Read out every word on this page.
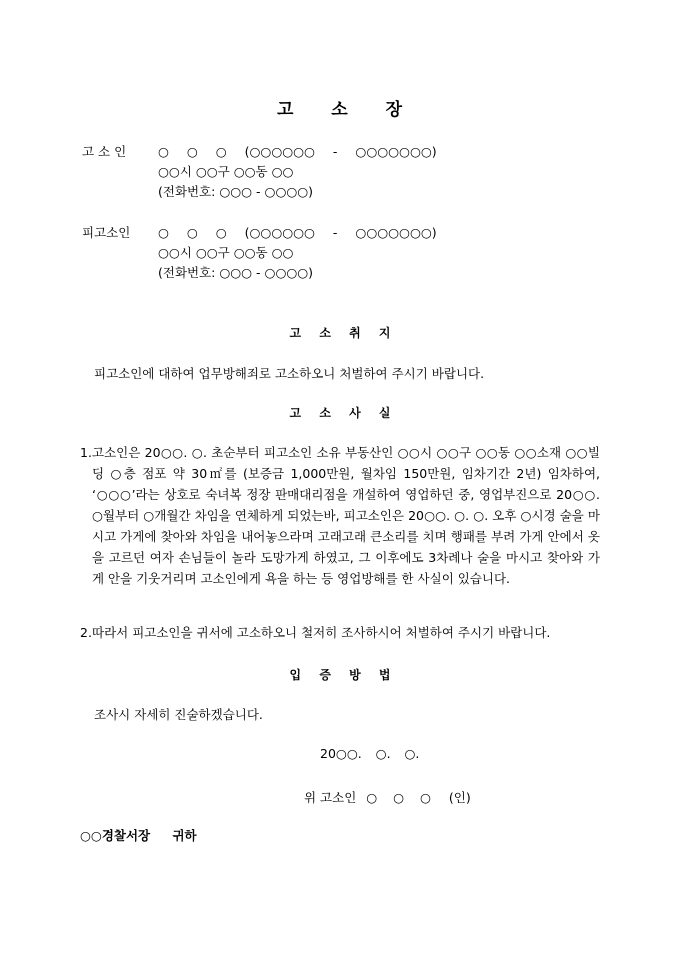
고 소 장
고 소 인	○ ○ ○ (○○○○○○ - ○○○○○○○)
○○시 ○○구 ○○동 ○○
(전화번호: ○○○ - ○○○○)
피고소인	○ ○ ○ (○○○○○○ - ○○○○○○○)
○○시 ○○구 ○○동 ○○
(전화번호: ○○○ - ○○○○)
고 소 취 지
피고소인에 대하여 업무방해죄로 고소하오니 처벌하여 주시기 바랍니다.
고 소 사 실
1. 고소인은 20○○. ○. 초순부터 피고소인 소유 부동산인 ○○시 ○○구 ○○동 ○○소재 ○○빌딩 ○층 점포 약 30㎡를 (보증금 1,000만원, 월차임 150만원, 임차기간 2년) 임차하여, ‘○○○’라는 상호로 숙녀복 정장 판매대리점을 개설하여 영업하던 중, 영업부진으로 20○○. ○월부터 ○개월간 차임을 연체하게 되었는바, 피고소인은 20○○. ○. ○. 오후 ○시경 술을 마시고 가게에 찾아와 차임을 내어놓으라며 고래고래 큰소리를 치며 행패를 부려 가게 안에서 옷을 고르던 여자 손님들이 놀라 도망가게 하였고, 그 이후에도 3차례나 술을 마시고 찾아와 가게 안을 기웃거리며 고소인에게 욕을 하는 등 영업방해를 한 사실이 있습니다.
2. 따라서 피고소인을 귀서에 고소하오니 철저히 조사하시어 처벌하여 주시기 바랍니다.
입 증 방 법
조사시 자세히 진술하겠습니다.
20○○. ○. ○.
위 고소인 ○ ○ ○ (인)
○○경찰서장 귀하
